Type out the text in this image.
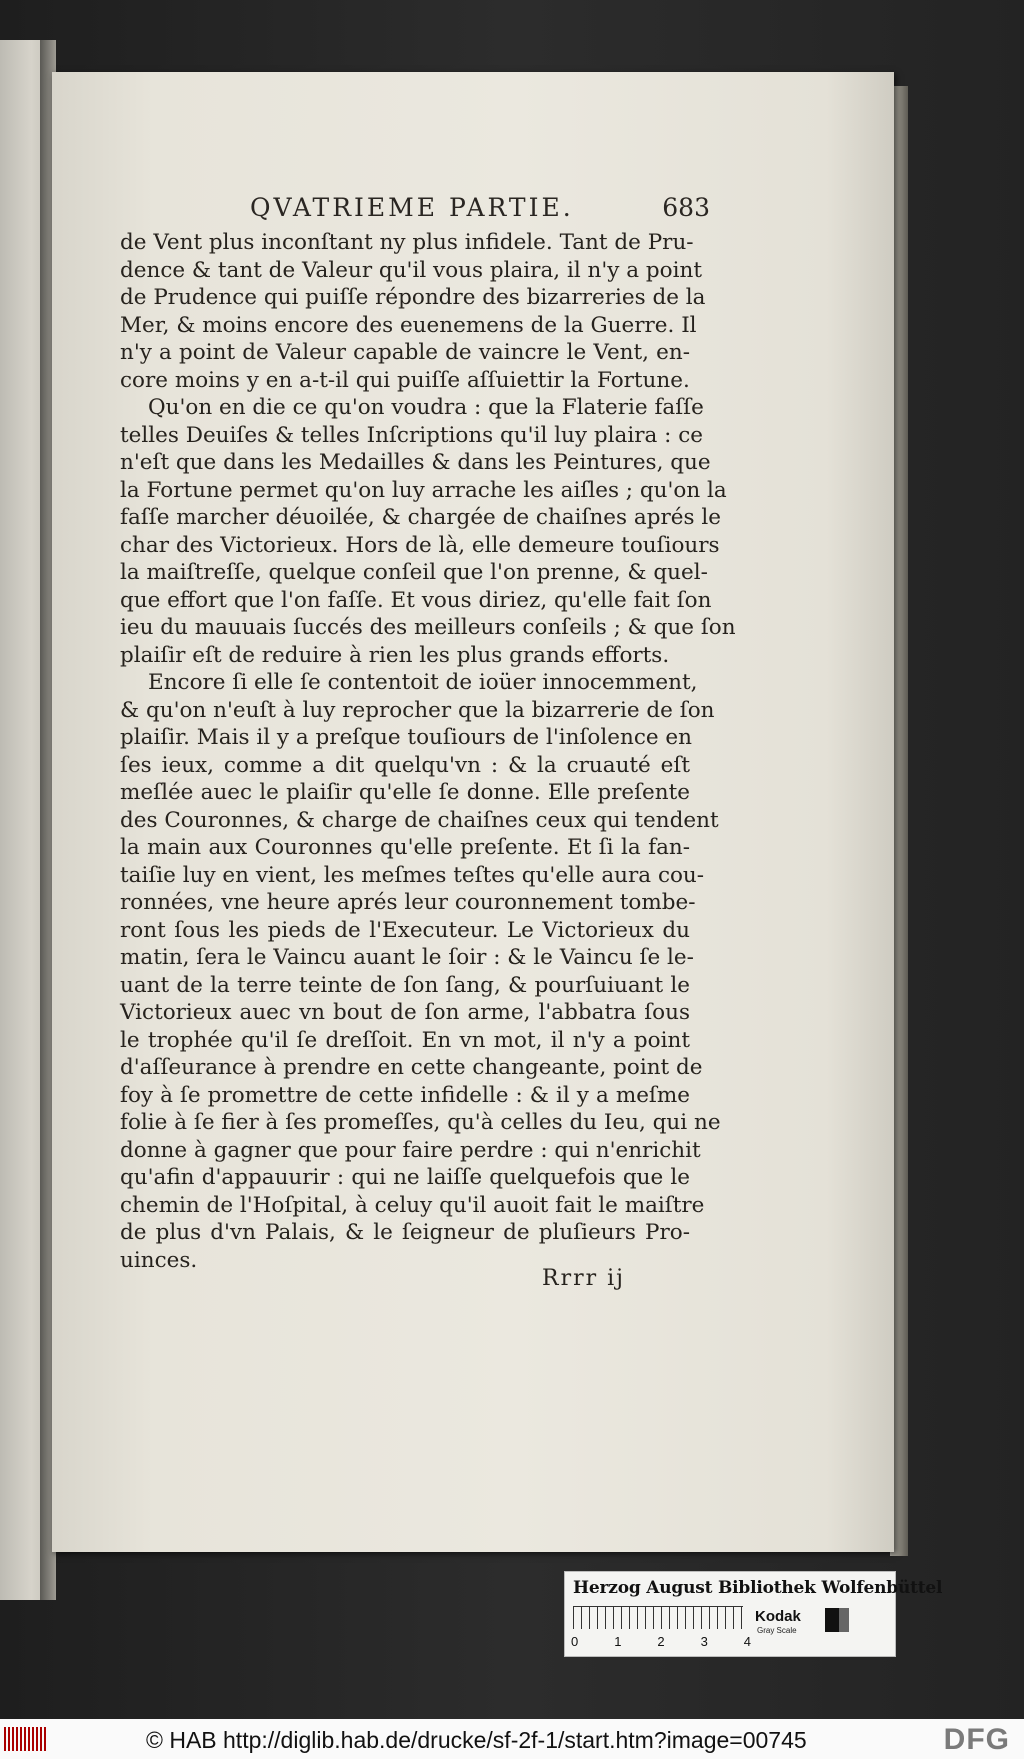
QVATRIEME PARTIE.	683
de Vent plus inconſtant ny plus infidele. Tant de Pru-
dence & tant de Valeur qu'il vous plaira, il n'y a point
de Prudence qui puiſſe répondre des bizarreries de la
Mer, & moins encore des euenemens de la Guerre. Il
n'y a point de Valeur capable de vaincre le Vent, en-
core moins y en a-t-il qui puiſſe aſſuiettir la Fortune.
Qu'on en die ce qu'on voudra : que la Flaterie faſſe
telles Deuiſes & telles Inſcriptions qu'il luy plaira : ce
n'eſt que dans les Medailles & dans les Peintures, que
la Fortune permet qu'on luy arrache les aiſles ; qu'on la
faſſe marcher déuoilée, & chargée de chaiſnes aprés le
char des Victorieux. Hors de là, elle demeure touſiours
la maiſtreſſe, quelque conſeil que l'on prenne, & quel-
que effort que l'on faſſe. Et vous diriez, qu'elle fait ſon
ieu du mauuais ſuccés des meilleurs conſeils ; & que ſon
plaiſir eſt de reduire à rien les plus grands efforts.
Encore ſi elle ſe contentoit de ioüer innocemment,
& qu'on n'euſt à luy reprocher que la bizarrerie de ſon
plaiſir. Mais il y a preſque touſiours de l'inſolence en
ſes ieux, comme a dit quelqu'vn : & la cruauté eſt
meſlée auec le plaiſir qu'elle ſe donne. Elle preſente
des Couronnes, & charge de chaiſnes ceux qui tendent
la main aux Couronnes qu'elle preſente. Et ſi la fan-
taiſie luy en vient, les meſmes teſtes qu'elle aura cou-
ronnées, vne heure aprés leur couronnement tombe-
ront ſous les pieds de l'Executeur. Le Victorieux du
matin, ſera le Vaincu auant le ſoir : & le Vaincu ſe le-
uant de la terre teinte de ſon ſang, & pourſuiuant le
Victorieux auec vn bout de ſon arme, l'abbatra ſous
le trophée qu'il ſe dreſſoit. En vn mot, il n'y a point
d'aſſeurance à prendre en cette changeante, point de
foy à ſe promettre de cette infidelle : & il y a meſme
folie à ſe fier à ſes promeſſes, qu'à celles du Ieu, qui ne
donne à gagner que pour faire perdre : qui n'enrichit
qu'afin d'appauurir : qui ne laiſſe quelquefois que le
chemin de l'Hoſpital, à celuy qu'il auoit fait le maiſtre
de plus d'vn Palais, & le ſeigneur de pluſieurs Pro-
uinces.
Rrrr ij
Herzog August Bibliothek Wolfenbüttel
0	1	2	3	4
Kodak
Gray Scale
© HAB http://diglib.hab.de/drucke/sf-2f-1/start.htm?image=00745	DFG
